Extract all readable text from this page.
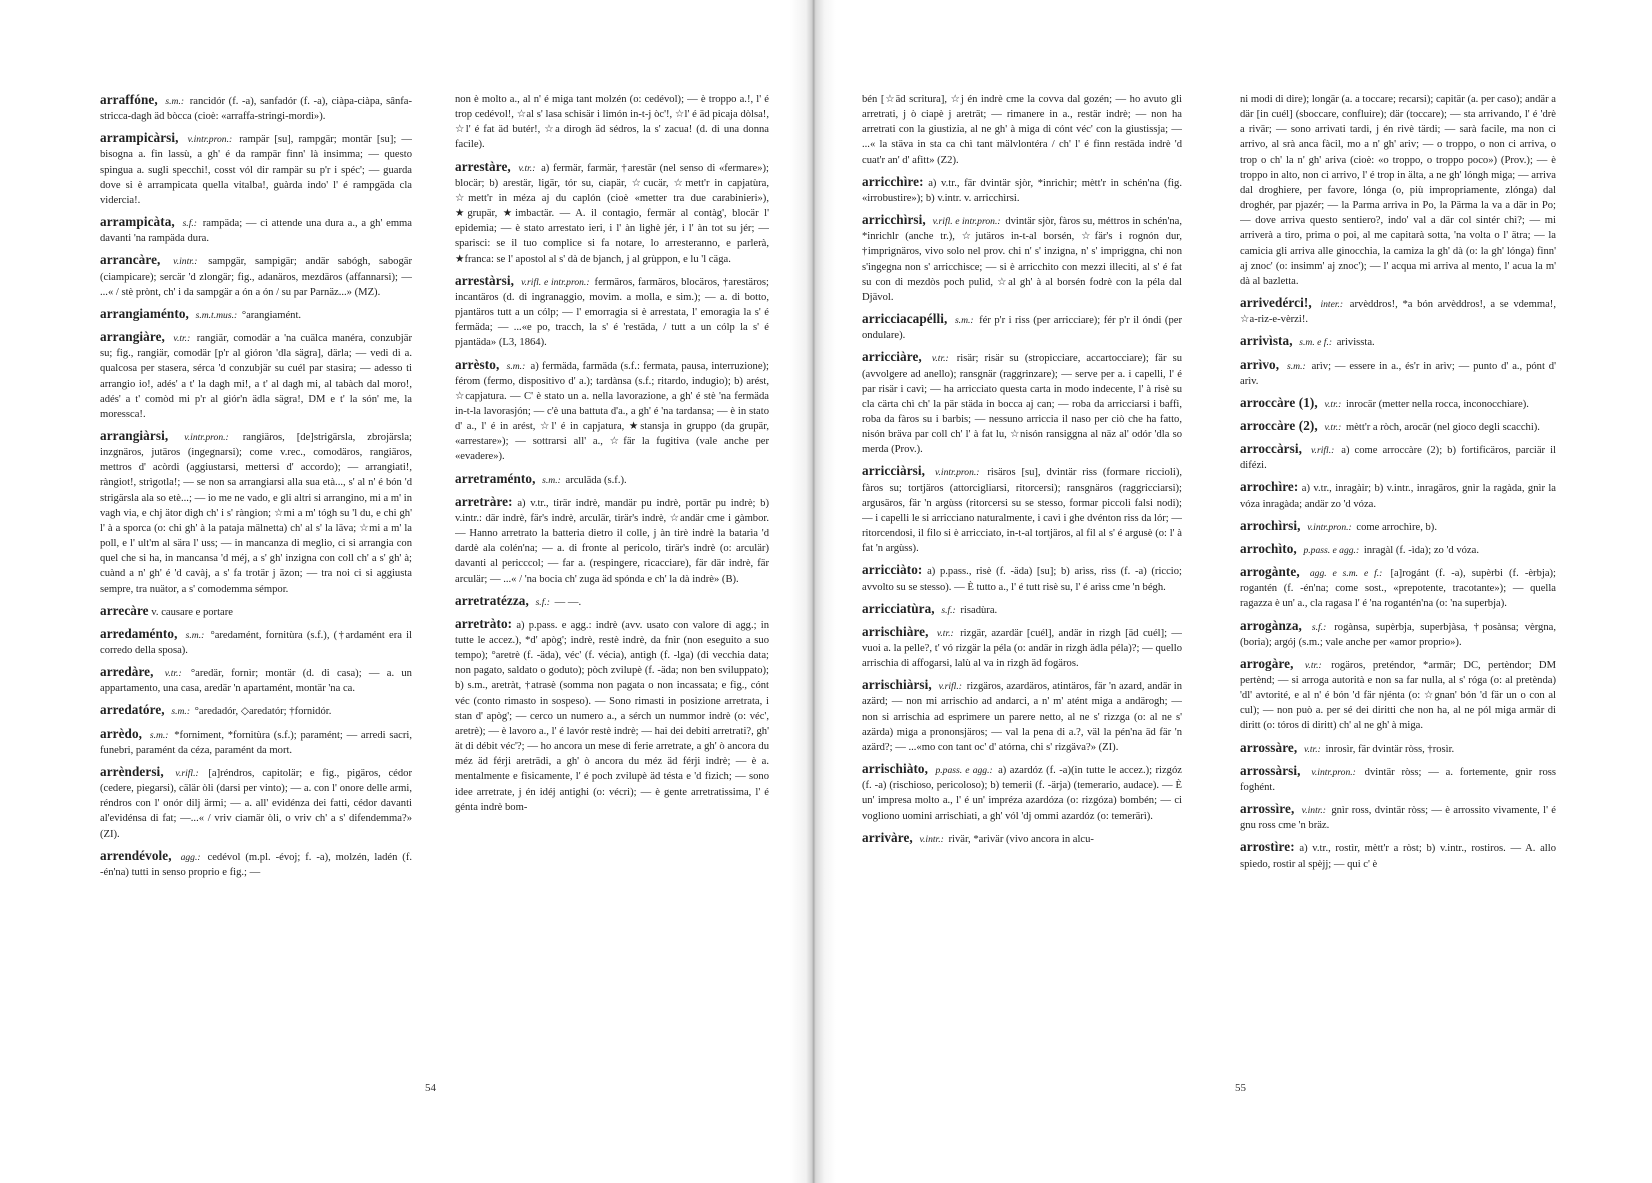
arraffóne, s.m.: rancidór (f. -a), sanfadór (f. -a), ciàpa-ciàpa, sânfa-stricca-dagh äd bòcca (cioè: «arraffa-stringi-mordi»).

arrampicàrsi, v.intr.pron.: rampär [su], rampgär; montär [su]; — bisogna a. fin lassù, a gh' é da rampär finn' là insimma; — questo spingua a. sugli specchi!, cosst vól dir rampär su p'r i spéc'; — guarda dove si è arrampicata quella vitalba!, guàrda indo' l' é rampgäda cla vidercia!.

arrampicàta, s.f.: rampäda; — ci attende una dura a., a gh' emma davanti 'na rampäda dura.

arrancàre, v.intr.: sampgär, sampigär; andär sabógh, sabogär (ciampicare); sercär 'd zlongär; fig., adanäros, mezdäros (affannarsi); — ...« / stè prònt, ch' i da sampgär a ón a ón / su par Parnäz...» (MZ).

arrangiaménto, s.m.t.mus.: °arangiamént.

arrangiàre, v.tr.: rangiär, comodär a 'na cuälca manéra, conzubjär su; fig., rangiär, comodär [p'r al gióron 'dla sägra], därla; — vedi di a. qualcosa per stasera, sérca 'd conzubjär su cuél par stasira; — adesso ti arrangio io!, adés' a t' la dagh mi!, a t' al dagh mi, al tabàch dal moro!, adés' a t' comòd mi p'r al giór'n ädla sägra!, DM e t' la són' me, la moressca!.

arrangiàrsi, v.intr.pron.: rangiäros, [de]strigärsla, zbrojärsla; inzgnäros, jutäros (ingegnarsi); come v.rec., comodäros, rangiäros, mettros d' acòrdi (aggiustarsi, mettersi d' accordo); — arrangiati!, ràngiot!, strìgotla!; — se non sa arrangiarsi alla sua età..., s' al n' é bón 'd strigärsla ala so etè...; — io me ne vado, e gli altri si arrangino, mi a m' in vagh via, e chj ätor digh ch' i s' ràngion; ☆mi a m' tógh su 'l du, e chi gh' l' à a sporca (o: chi gh' à la pataja mälnetta) ch' al s' la läva; ☆mi a m' la poll, e l' ult'm al sära l' uss; — in mancanza di meglio, ci si arrangia con quel che si ha, in mancansa 'd méj, a s' gh' inzigna con coll ch' a s' gh' à; cuànd a n' gh' é 'd cavàj, a s' fa trotär j äzon; — tra noi ci si aggiusta sempre, tra nuätor, a s' comodemma sémpor.

arrecàre v. causare e portare

arredaménto, s.m.: °aredamént, fornitùra (s.f.), (†ardamént era il corredo della sposa).

arredàre, v.tr.: °aredär, fornìr; montär (d. di casa); — a. un appartamento, una casa, aredär 'n apartamént, montär 'na ca.

arredatóre, s.m.: °aredadór, ◇aredatór; †fornidór.

arrèdo, s.m.: *forniment, *fornitùra (s.f.); paramént; — arredi sacri, funebri, paramént da céza, paramént da mort.

arrèndersi, v.rifl.: [a]réndros, capitolär; e fig., pigäros, cédor (cedere, piegarsi), cälär òli (darsi per vinto); — a. con l' onore delle armi, réndros con l' onór dilj ärmi; — a. all' evidénza dei fatti, cédor davanti al'evidénsa di fat; —...« / vriv ciamär òli, o vriv ch' a s' difendemma?» (ZI).

arrendévole, agg.: cedévol (m.pl. -évoj; f. -a), molzén, ladén (f. -én'na) tutti in senso proprio e fig.; —

non è molto a., al n' é miga tant molzén (o: cedévol); — è troppo a.!, l' é trop cedévol!, ☆al s' lasa schisär i limón in-t-j òc'!, ☆l' é äd picaja dòlsa!, ☆l' é fat äd butér!, ☆a dirogh äd sédros, la s' zacua! (d. di una donna facile).

arrestàre, v.tr.: a) fermär, farmär, †arestär (nel senso di «fermare»); blocär; b) arestär, ligär, tór su, ciapär, ☆cucär, ☆mett'r in capjatùra, ☆mett'r in méza aj du caplón (cioè «metter tra due carabinieri»), ★grupär, ★imbactär. — A. il contagio, fermär al contàg', blocär l' epidemìa; — è stato arrestato ieri, i l' àn lighè jér, i l' àn tot su jér; — sparisci: se il tuo complice si fa notare, lo arresteranno, e parlerà, ★franca: se l' apostol al s' dà de bjanch, j al grùppon, e lu 'l cäga.

arrestàrsi, v.rifl. e intr.pron.: fermäros, farmäros, blocäros, †arestäros; incantäros (d. di ingranaggio, movim. a molla, e sim.); — a. di botto, pjantäros tutt a un cólp; — l' emorragia si è arrestata, l' emoragìa la s' é fermäda; — ...«e po, tracch, la s' é 'restäda, / tutt a un cólp la s' é pjantäda» (L3, 1864).

arrèsto, s.m.: a) fermäda, farmäda (s.f.: fermata, pausa, interruzione); férom (fermo, dispositivo d' a.); tardànsa (s.f.; ritardo, indugio); b) arést, ☆capjatura. — C' è stato un a. nella lavorazione, a gh' é stè 'na fermäda in-t-la lavorasjón; — c'è una battuta d'a., a gh' é 'na tardansa; — è in stato d' a., l' é in arést, ☆l' é in capjatura, ★stansja in gruppo (da grupär, «arrestare»); — sottrarsi all' a., ☆fär la fugitiva (vale anche per «evadere»).

arretraménto, s.m.: arculäda (s.f.).

arretràre: a) v.tr., tirär indrè, mandär pu indrè, portär pu indrè; b) v.intr.: där indrè, fär's indrè, arculär, tirär's indrè, ☆andär cme i gàmbor. — Hanno arretrato la batteria dietro il colle, j àn tirè indrè la batarìa 'd dardè ala colén'na; — a. di fronte al pericolo, tirär's indrè (o: arculär) davanti al pericccol; — far a. (respingere, ricacciare), fär där indrè, fär arculär; — ...« / 'na bocia ch' zuga äd spónda e ch' la dà indrè» (B).

arretratézza, s.f.: — —.

arretràto: a) p.pass. e agg.: indrè (avv. usato con valore di agg.; in tutte le accez.), *d' apòg'; indrè, restè indrè, da fnìr (non eseguito a suo tempo); °aretrè (f. -äda), véc' (f. vécia), antìgh (f. -lga) (di vecchia data; non pagato, saldato o goduto); pòch zvilupè (f. -äda; non ben sviluppato); b) s.m., aretràt, †atrasè (somma non pagata o non incassata; e fig., cónt véc (conto rimasto in sospeso). — Sono rimasti in posizione arretrata, i stan d' apòg'; — cerco un numero a., a sérch un nummor indrè (o: véc', aretrè); — è lavoro a., l' é lavór restè indrè; — hai dei debiti arretrati?, gh' ät di débit véc'?; — ho ancora un mese di ferie arretrate, a gh' ò ancora du méz äd férji areträdi, a gh' ò ancora du méz äd férji indrè; — è a. mentalmente e fisicamente, l' é poch zvilupè äd tésta e 'd fizich; — sono idee arretrate, j én idéj antighi (o: vécri); — è gente arretratissima, l' é génta indrè bom-

54

bén [☆äd scritura], ☆j én indrè cme la covva dal gozén; — ho avuto gli arretrati, j ò ciapè j areträt; — rimanere in a., restär indrè; — non ha arretrati con la giustizia, al ne gh' à miga di cónt véc' con la giustissja; — ...« la stäva in sta ca chì tant mälvlontéra / ch' l' é finn restäda indrè 'd cuat'r an' d' afitt» (Z2).

arricchìre: a) v.tr., fär dvintär sjòr, *inrichìr; mètt'r in schén'na (fig. «irrobustire»); b) v.intr. v. arricchìrsi.

arricchìrsi, v.rifl. e intr.pron.: dvintär sjòr, fàros su, méttros in schén'na, *inrichlr (anche tr.), ☆jutäros in-t-al borsén, ☆fär's i rognón dur, †imprignäros, vivo solo nel prov. chi n' s' inzigna, n' s' impriggna, chi non s'ingegna non s' arricchisce; — si è arricchito con mezzi illeciti, al s' é fat su con di mezdòs poch pulìd, ☆al gh' à al borsén fodrè con la péla dal Djävol.

arricciacapélli, s.m.: fér p'r i riss (per arricciare); fér p'r il óndi (per ondulare).

arricciàre, v.tr.: risär; risär su (stropicciare, accartocciare); fär su (avvolgere ad anello); ransgnär (raggrinzare); — serve per a. i capelli, l' é par risär i cavì; — ha arricciato questa carta in modo indecente, l' à risè su cla cärta chì ch' la pär städa in bocca aj can; — roba da arricciarsi i baffi, roba da fàros su i barbis; — nessuno arriccia il naso per ciò che ha fatto, nisón bräva par coll ch' l' à fat lu, ☆nisón ransiggna al näz al' odór 'dla so merda (Prov.).

arricciàrsi, v.intr.pron.: risäros [su], dvintär riss (formare riccioli), fàros su; tortjäros (attorcigliarsi, ritorcersi); ransgnäros (raggricciarsi); argusäros, fär 'n argùss (ritorcersi su se stesso, formar piccoli falsi nodi); — i capelli le si arricciano naturalmente, i cavì i ghe dvénton riss da lór; — ritorcendosi, il filo si è arricciato, in-t-al tortjäros, al fil al s' é argusè (o: l' à fat 'n argùss).

arricciàto: a) p.pass., risè (f. -äda) [su]; b) arìss, rìss (f. -a) (riccio; avvolto su se stesso). — È tutto a., l' é tutt risè su, l' é arìss cme 'n bégh.

arricciatùra, s.f.: risadùra.

arrischiàre, v.tr.: rizgär, azardär [cuél], andär in rizgh [äd cuél]; — vuoi a. la pelle?, t' vó rizgär la péla (o: andär in rizgh ädla péla)?; — quello arrischia di affogarsi, lalù al va in rizgh äd fogäros.

arrischiàrsi, v.rifl.: rizgäros, azardäros, atintäros, fär 'n azard, andär in azärd; — non mi arrischio ad andarci, a n' m' atént miga a andärogh; — non si arrischia ad esprimere un parere netto, al ne s' rizzga (o: al ne s' azärda) miga a pronons​järos; — val la pena di a.?, väl la pén'na äd fär 'n azärd?; — ...«mo con tant oc' d' atórna, chi s' rizgäva?» (ZI).

arrischiàto, p.pass. e agg.: a) azardóz (f. -a)(in tutte le accez.); rizgóz (f. -a) (rischioso, pericoloso); b) temerìi (f. -ärja) (temerario, audace). — È un' impresa molto a., l' é un' impréza azardóza (o: rizgóza) bombén; — ci vogliono uomini arrischiati, a gh' vól 'dj ommi azardóz (o: temerärì).

arrivàre, v.intr.: rivär, *arivär (vivo ancora in alcu-

ni modi di dire); longär (a. a toccare; recarsi); capitär (a. per caso); andär a där [in cuél] (sboccare, confluire); där (toccare); — sta arrivando, l' é 'drè a rivär; — sono arrivati tardi, j én rivè tärdi; — sarà facile, ma non ci arrivo, al srà anca fàcil, mo a n' gh' ariv; — o troppo, o non ci arriva, o trop o ch' la n' gh' ariva (cioè: «o troppo, o troppo poco») (Prov.); — è troppo in alto, non ci arrivo, l' é trop in älta, a ne gh' lóngh miga; — arriva dal droghiere, per favore, lónga (o, più impropriamente, zlónga) dal droghér, par pjazér; — la Parma arriva in Po, la Pärma la va a där in Po; — dove arriva questo sentiero?, indo' val a där col sintér chì?; — mi arriverà a tiro, prima o poi, al me capitarà sotta, 'na volta o l' ätra; — la camicia gli arriva alle ginocchia, la camiza la gh' dà (o: la gh' lónga) finn' aj znoc' (o: insimm' aj znoc'); — l' acqua mi arriva al mento, l' acua la m' dà al bazletta.

arrivedérci!, inter.: arvèddros!, *a bón arvèddros!, a se vdemma!, ☆a-riz-e-vèrzi!.

arrivìsta, s.m. e f.: arivissta.

arrìvo, s.m.: arìv; — essere in a., és'r in arìv; — punto d' a., pónt d' arìv.

arroccàre (1), v.tr.: inrocär (metter nella rocca, inconocchiare).

arroccàre (2), v.tr.: mètt'r a ròch, arocär (nel gioco degli scacchi).

arroccàrsi, v.rifl.: a) come arroccàre (2); b) fortificäros, parciär il difézi.

arrochìre: a) v.tr., inragàir; b) v.intr., inragäros, gnìr la ragàda, gnìr la vóza inragàda; andär zo 'd vóza.

arrochìrsi, v.intr.pron.: come arrochìre, b).

arrochìto, p.pass. e agg.: inragàl (f. -ìda); zo 'd vóza.

arrogànte, agg. e s.m. e f.: [a]rogánt (f. -a), supèrbi (f. -èrbja); rogantén (f. -én'na; come sost., «prepotente, tracotante»); — quella ragazza è un' a., cla ragasa l' é 'na rogantén'na (o: 'na superbja).

arrogànza, s.f.: rogànsa, supèrbja, superbjàsa, †posànsa; vèrgna, (boria); argój (s.m.; vale anche per «amor proprio»).

arrogàre, v.tr.: rogäros, preténdor, *armär; DC, pertèndor; DM pertènd; — si arroga autorità e non sa far nulla, al s' róga (o: al pretènda) 'dl' avtorité, e al n' é bón 'd fär njénta (o: ☆gnan' bón 'd fär un o con al cul); — non può a. per sé dei diritti che non ha, al ne pól miga armär di diritt (o: tóros di diritt) ch' al ne gh' à miga.

arrossàre, v.tr.: inrosìr, fär dvintär ròss, †rosìr.

arrossàrsi, v.intr.pron.: dvintär ròss; — a. fortemente, gnìr ross foghént.

arrossìre, v.intr.: gnìr ross, dvintär ròss; — è arrossito vivamente, l' é gnu ross cme 'n bräz.

arrostìre: a) v.tr., rostìr, mètt'r a ròst; b) v.intr., rostiros. — A. allo spiedo, rostìr al spèjj; — qui c' è

55
